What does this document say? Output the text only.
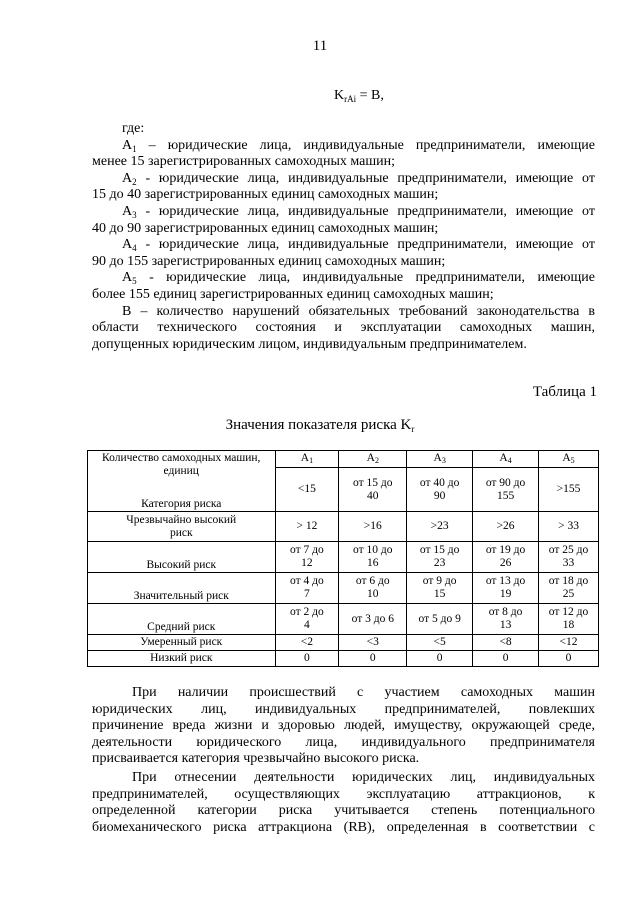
11
$K_{rAi} = B$,
где:
$A_1$ – юридические лица, индивидуальные предприниматели, имеющие
менее 15 зарегистрированных самоходных машин;
$A_2$ - юридические лица, индивидуальные предприниматели, имеющие от
15 до 40 зарегистрированных единиц самоходных машин;
$A_3$ - юридические лица, индивидуальные предприниматели, имеющие от
40 до 90 зарегистрированных единиц самоходных машин;
$A_4$ - юридические лица, индивидуальные предприниматели, имеющие от
90 до 155 зарегистрированных единиц самоходных машин;
$A_5$ - юридические лица, индивидуальные предприниматели, имеющие
более 155 единиц зарегистрированных единиц самоходных машин;
В – количество нарушений обязательных требований законодательства в
области технического состояния и эксплуатации самоходных машин,
допущенных юридическим лицом, индивидуальным предпринимателем.
Таблица 1
Значения показателя риска $K_r$
Количество самоходных машин, единиц
Категория риска	A1	A2	A3	A4	A5
	<15	от 15 до 40	от 40 до 90	от 90 до 155	>155
Чрезвычайно высокий риск	> 12	>16	>23	>26	> 33
Высокий риск	от 7 до 12	от 10 до 16	от 15 до 23	от 19 до 26	от 25 до 33
Значительный риск	от 4 до 7	от 6 до 10	от 9 до 15	от 13 до 19	от 18 до 25
Средний риск	от 2 до 4	от 3 до 6	от 5 до 9	от 8 до 13	от 12 до 18
Умеренный риск	<2	<3	<5	<8	<12
Низкий риск	0	0	0	0	0
При наличии происшествий с участием самоходных машин
юридических лиц, индивидуальных предпринимателей, повлекших
причинение вреда жизни и здоровью людей, имуществу, окружающей среде,
деятельности юридического лица, индивидуального предпринимателя
присваивается категория чрезвычайно высокого риска.
При отнесении деятельности юридических лиц, индивидуальных
предпринимателей, осуществляющих эксплуатацию аттракционов, к
определенной категории риска учитывается степень потенциального
биомеханического риска аттракциона (RB), определенная в соответствии с
